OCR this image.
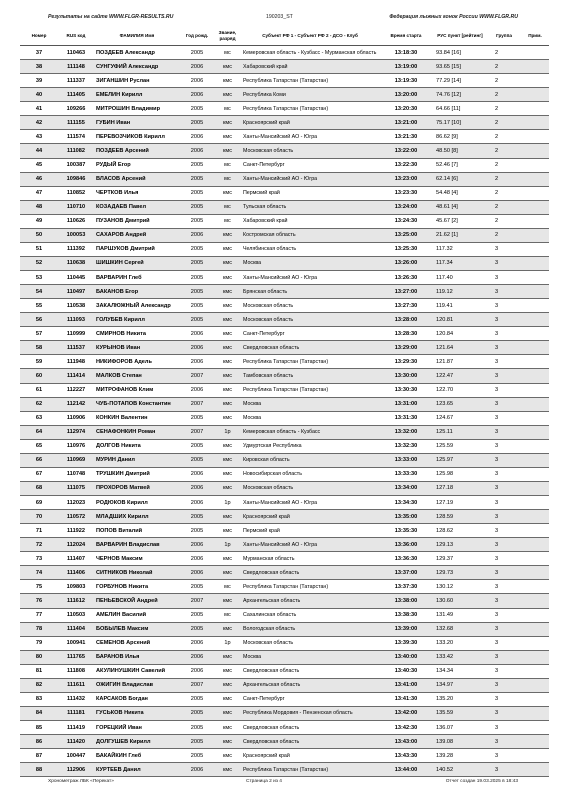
Результаты на сайте WWW.FLGR-RESULTS.RU	190203_ST	Федерация лыжных гонок России WWW.FLGR.RU
Номер	RUS код	ФАМИЛИЯ Имя	Год рожд.	Звание, разряд	Субъект РФ 1 - Субъект РФ 2 - ДСО - Клуб	Время старта	РУС пункт [рейтинг]	Группа	Прим.
37	110463	ПОЗДЕЕВ Александр	2005	мс	Кемеровская область - Кузбасс - Мурманская область	13:18:30	93.84 [16]	2	
38	111148	СУНГУФИЙ Александр	2006	кмс	Хабаровский край	13:19:00	93.65 [15]	2	
39	111337	ЗИГАНШИН Руслан	2006	кмс	Республика Татарстан (Татарстан)	13:19:30	77.29 [14]	2	
40	111405	ЕМЕЛИН Кирилл	2006	кмс	Республика Коми	13:20:00	74.76 [12]	2	
41	109266	МИТРОШИН Владимир	2005	мс	Республика Татарстан (Татарстан)	13:20:30	64.66 [11]	2	
42	111155	ГУБИН Иван	2005	кмс	Красноярский край	13:21:00	75.17 [10]	2	
43	111574	ПЕРЕВОЗЧИКОВ Кирилл	2006	кмс	Ханты-Мансийский АО - Югра	13:21:30	86.62 [9]	2	
44	111082	ПОЗДЕЕВ Арсений	2006	кмс	Московская область	13:22:00	48.50 [8]	2	
45	100387	РУДЫЙ Егор	2005	мс	Санкт-Петербург	13:22:30	52.46 [7]	2	
46	109846	ВЛАСОВ Арсений	2005	мс	Ханты-Мансийский АО - Югра	13:23:00	62.14 [6]	2	
47	110852	ЧЕРТКОВ Илья	2005	кмс	Пермский край	13:23:30	54.48 [4]	2	
48	110710	КОЗАДАЕВ Павел	2005	мс	Тульская область	13:24:00	48.61 [4]	2	
49	110626	ПУЗАНОВ Дмитрий	2005	мс	Хабаровский край	13:24:30	45.67 [2]	2	
50	100053	САХАРОВ Андрей	2006	кмс	Костромская область	13:25:00	21.62 [1]	2	
51	111392	ПАРШУКОВ Дмитрий	2005	кмс	Челябинская область	13:25:30	117.32	3	
52	110638	ШИШКИН Сергей	2005	кмс	Москва	13:26:00	117.34	3	
53	110445	ВАРВАРИН Глеб	2005	кмс	Ханты-Мансийский АО - Югра	13:26:30	117.40	3	
54	110497	БАКАНОВ Егор	2005	кмс	Брянская область	13:27:00	119.12	3	
55	110538	ЗАКАЛЮЖНЫЙ Александр	2005	кмс	Московская область	13:27:30	119.41	3	
56	111093	ГОЛУБЕВ Кирилл	2005	кмс	Московская область	13:28:00	120.81	3	
57	110999	СМИРНОВ Никита	2006	кмс	Санкт-Петербург	13:28:30	120.84	3	
58	111537	КУРЫНОВ Иван	2006	кмс	Свердловская область	13:29:00	121.64	3	
59	111948	НИКИФОРОВ Адель	2006	кмс	Республика Татарстан (Татарстан)	13:29:30	121.87	3	
60	111414	МАЛКОВ Степан	2007	кмс	Тамбовская область	13:30:00	122.47	3	
61	112227	МИТРОФАНОВ Клим	2006	кмс	Республика Татарстан (Татарстан)	13:30:30	122.70	3	
62	112142	ЧУБ-ПОТАПОВ Константин	2007	кмс	Москва	13:31:00	123.65	3	
63	110906	КОНКИН Валентин	2005	кмс	Москва	13:31:30	124.67	3	
64	112974	СЕНАФОНКИН Роман	2007	1р	Кемеровская область - Кузбасс	13:32:00	125.11	3	
65	110976	ДОЛГОВ Никита	2005	кмс	Удмуртская Республика	13:32:30	125.59	3	
66	110969	МУРИН Данил	2005	кмс	Кировская область	13:33:00	125.97	3	
67	110748	ТРУШКИН Дмитрий	2006	кмс	Новосибирская область	13:33:30	125.98	3	
68	111075	ПРОХОРОВ Матвей	2006	кмс	Московская область	13:34:00	127.18	3	
69	112023	РОДЮКОВ Кирилл	2006	1р	Ханты-Мансийский АО - Югра	13:34:30	127.19	3	
70	110572	МЛАДШИХ Кирилл	2005	кмс	Красноярский край	13:35:00	128.59	3	
71	111922	ПОПОВ Виталий	2005	кмс	Пермский край	13:35:30	128.62	3	
72	112024	ВАРВАРИН Владислав	2006	1р	Ханты-Мансийский АО - Югра	13:36:00	129.13	3	
73	111407	ЧЕРНОВ Максим	2006	кмс	Мурманская область	13:36:30	129.37	3	
74	111406	СИТНИКОВ Николай	2006	кмс	Свердловская область	13:37:00	129.73	3	
75	109803	ГОРБУНОВ Никита	2005	мс	Республика Татарстан (Татарстан)	13:37:30	130.12	3	
76	111612	ПЕНЬЕВСКОЙ Андрей	2007	кмс	Архангельская область	13:38:00	130.60	3	
77	110503	АМЕЛИН Василий	2005	мс	Сахалинская область	13:38:30	131.49	3	
78	111404	БОБЫЛЕВ Максим	2005	кмс	Вологодская область	13:39:00	132.68	3	
79	100941	СЕМЕНОВ Арсений	2006	1р	Московская область	13:39:30	133.20	3	
80	111765	БАРАНОВ Илья	2006	кмс	Москва	13:40:00	133.42	3	
81	111808	АКУЛИНУШКИН Савелий	2006	кмс	Свердловская область	13:40:30	134.34	3	
82	111611	ОЖИГИН Владислав	2007	кмс	Архангельская область	13:41:00	134.97	3	
83	111432	КАРСАКОВ Богдан	2005	кмс	Санкт-Петербург	13:41:30	135.20	3	
84	111181	ГУСЬКОВ Никита	2005	кмс	Республика Мордовия - Пензенская область	13:42:00	135.59	3	
85	111419	ГОРЕЦКИЙ Иван	2005	кмс	Свердловская область	13:42:30	136.07	3	
86	111420	ДОЛГУШЕВ Кирилл	2005	кмс	Свердловская область	13:43:00	139.08	3	
87	100447	БАКАЙКИН Глеб	2005	кмс	Красноярский край	13:43:30	139.28	3	
88	112906	КУРТЕЕВ Данил	2006	кмс	Республика Татарстан (Татарстан)	13:44:00	140.52	3	
Хронометраж ЛБК «Перекат»	Страница 2 из 4	Отчет создан 19.03.2025 в 18:43
